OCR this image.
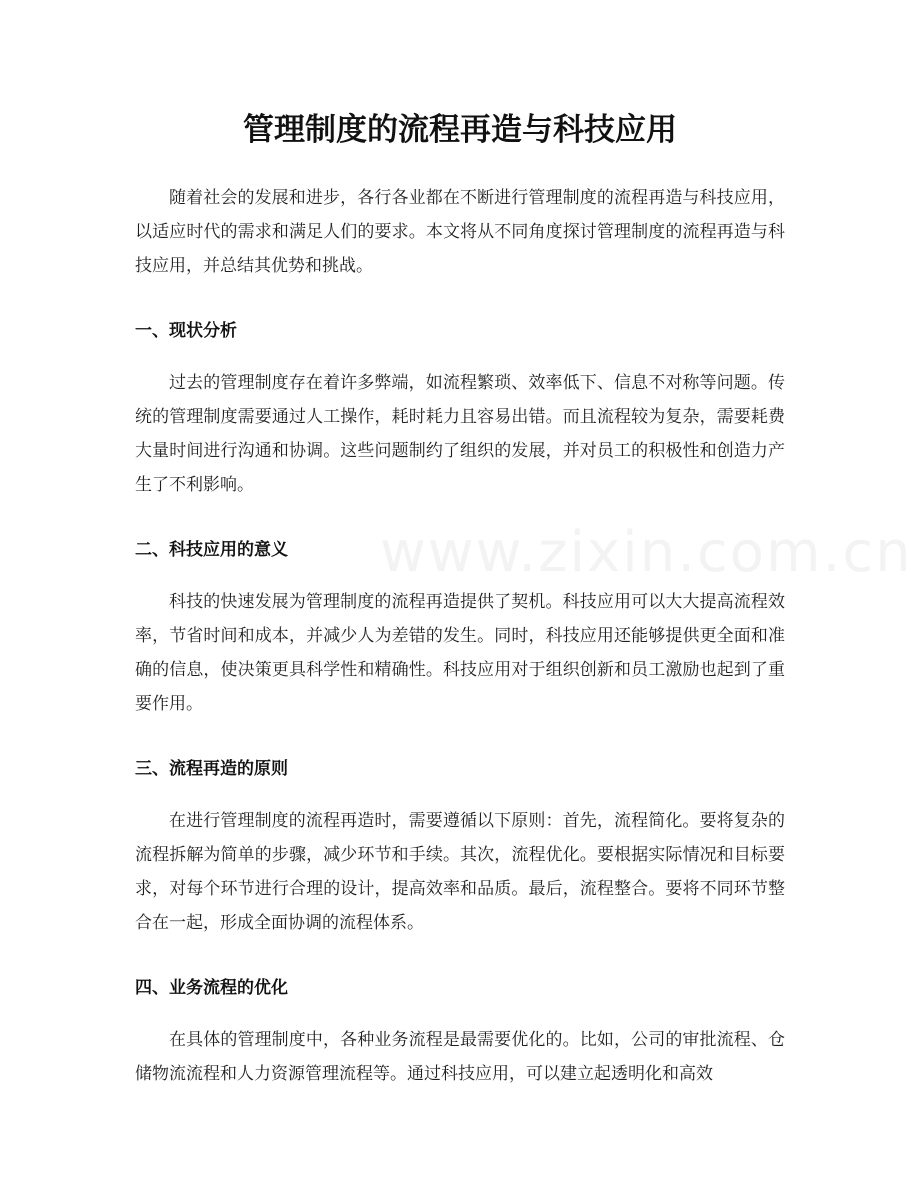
管理制度的流程再造与科技应用

随着社会的发展和进步，各行各业都在不断进行管理制度的流程再造与科技应用，以适应时代的需求和满足人们的要求。本文将从不同角度探讨管理制度的流程再造与科技应用，并总结其优势和挑战。

一、现状分析

过去的管理制度存在着许多弊端，如流程繁琐、效率低下、信息不对称等问题。传统的管理制度需要通过人工操作，耗时耗力且容易出错。而且流程较为复杂，需要耗费大量时间进行沟通和协调。这些问题制约了组织的发展，并对员工的积极性和创造力产生了不利影响。

二、科技应用的意义

科技的快速发展为管理制度的流程再造提供了契机。科技应用可以大大提高流程效率，节省时间和成本，并减少人为差错的发生。同时，科技应用还能够提供更全面和准确的信息，使决策更具科学性和精确性。科技应用对于组织创新和员工激励也起到了重要作用。

三、流程再造的原则

在进行管理制度的流程再造时，需要遵循以下原则：首先，流程简化。要将复杂的流程拆解为简单的步骤，减少环节和手续。其次，流程优化。要根据实际情况和目标要求，对每个环节进行合理的设计，提高效率和品质。最后，流程整合。要将不同环节整合在一起，形成全面协调的流程体系。

四、业务流程的优化

在具体的管理制度中，各种业务流程是最需要优化的。比如，公司的审批流程、仓储物流流程和人力资源管理流程等。通过科技应用，可以建立起透明化和高效

www.zixin.com.cn
